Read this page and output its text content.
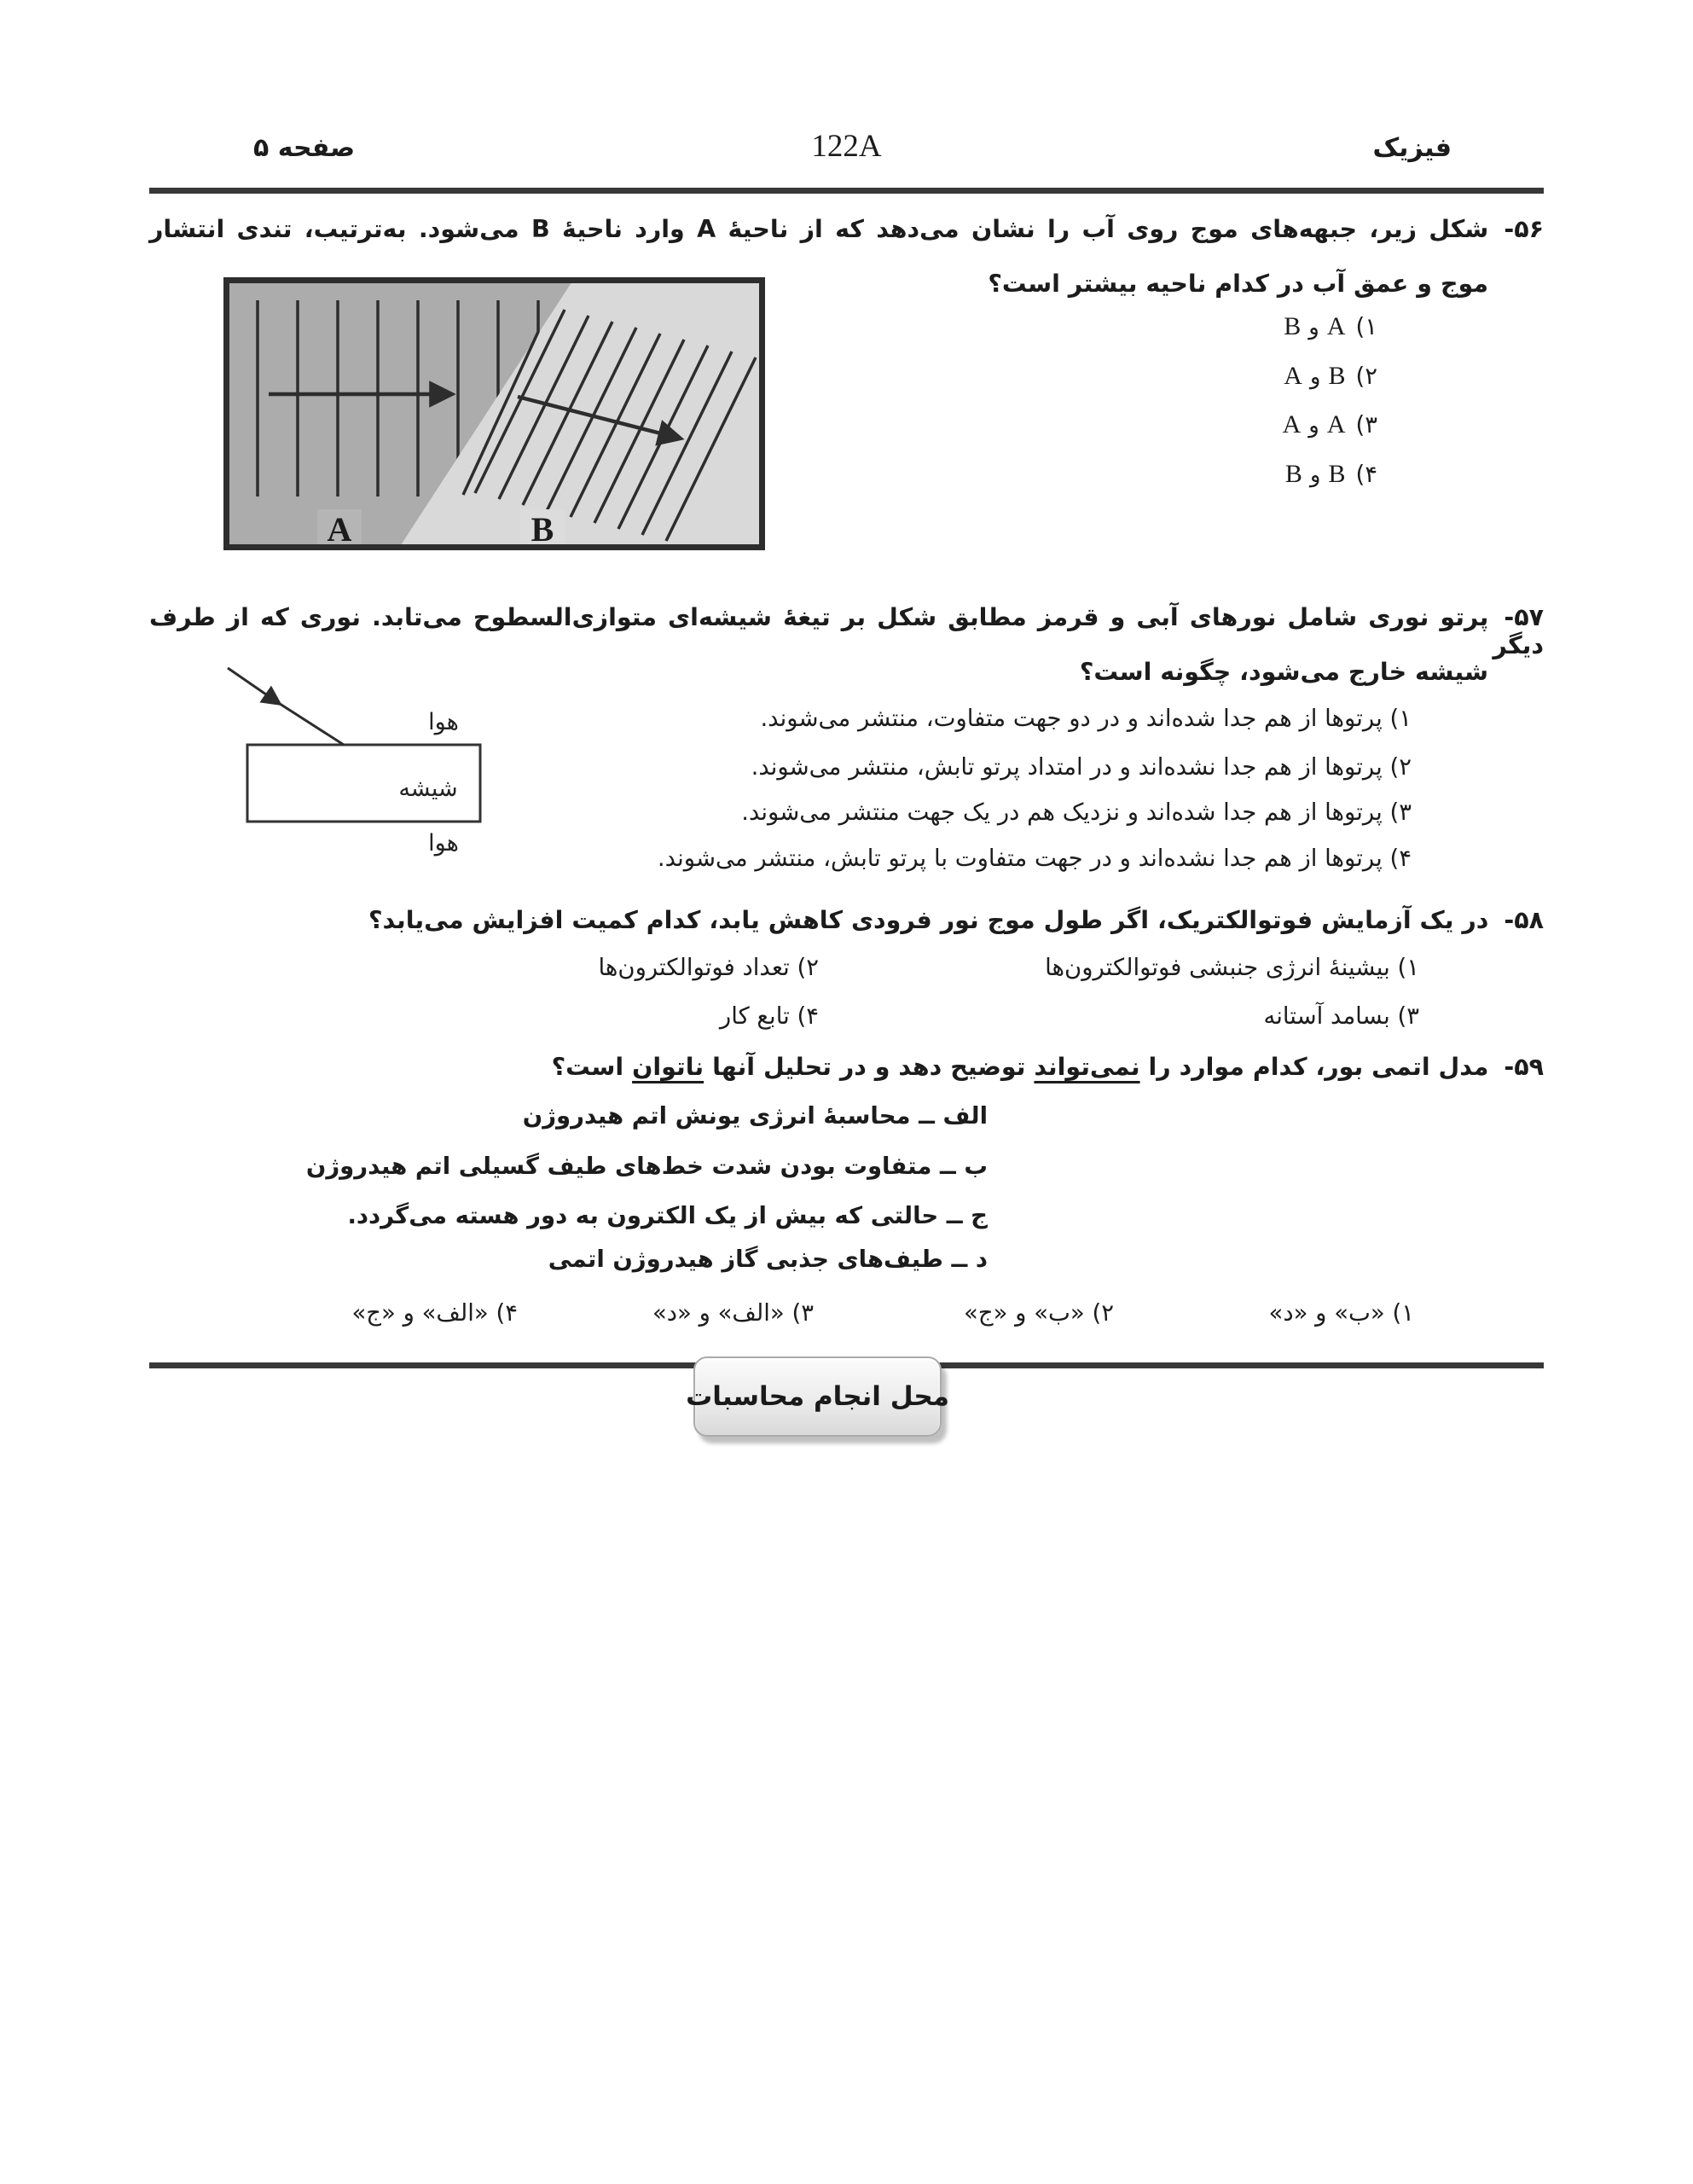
فیزیک
122A
صفحه ۵
۵۶-شکل زیر، جبهه‌های موج روی آب را نشان می‌دهد که از ناحیهٔ A وارد ناحیهٔ B می‌شود. به‌ترتیب، تندی انتشار
موج و عمق آب در کدام ناحیه بیشتر است؟
۱)AوB
۲)BوA
۳)AوA
۴)BوB
A	B
۵۷-پرتو نوری شامل نورهای آبی و قرمز مطابق شکل بر تیغهٔ شیشه‌ای متوازی‌السطوح می‌تابد. نوری که از طرف دیگر
شیشه خارج می‌شود، چگونه است؟
۱) پرتوها از هم جدا شده‌اند و در دو جهت متفاوت، منتشر می‌شوند.
۲) پرتوها از هم جدا نشده‌اند و در امتداد پرتو تابش، منتشر می‌شوند.
۳) پرتوها از هم جدا شده‌اند و نزدیک هم در یک جهت منتشر می‌شوند.
۴) پرتوها از هم جدا نشده‌اند و در جهت متفاوت با پرتو تابش، منتشر می‌شوند.
هوا
شیشه
هوا
۵۸-در یک آزمایش فوتوالکتریک، اگر طول موج نور فرودی کاهش یابد، کدام کمیت افزایش می‌یابد؟
۱) بیشینهٔ انرژی جنبشی فوتوالکترون‌ها
۲) تعداد فوتوالکترون‌ها
۳) بسامد آستانه
۴) تابع کار
۵۹-مدل اتمی بور، کدام موارد را نمی‌تواند توضیح دهد و در تحلیل آنها ناتوان است؟
الف ــ محاسبهٔ انرژی یونش اتم هیدروژن
ب ــ متفاوت بودن شدت خط‌های طیف گسیلی اتم هیدروژن
ج ــ حالتی که بیش از یک الکترون به دور هسته می‌گردد.
د ــ طیف‌های جذبی گاز هیدروژن اتمی
۱) «ب» و «د»
۲) «ب» و «ج»
۳) «الف» و «د»
۴) «الف» و «ج»
محل انجام محاسبات
